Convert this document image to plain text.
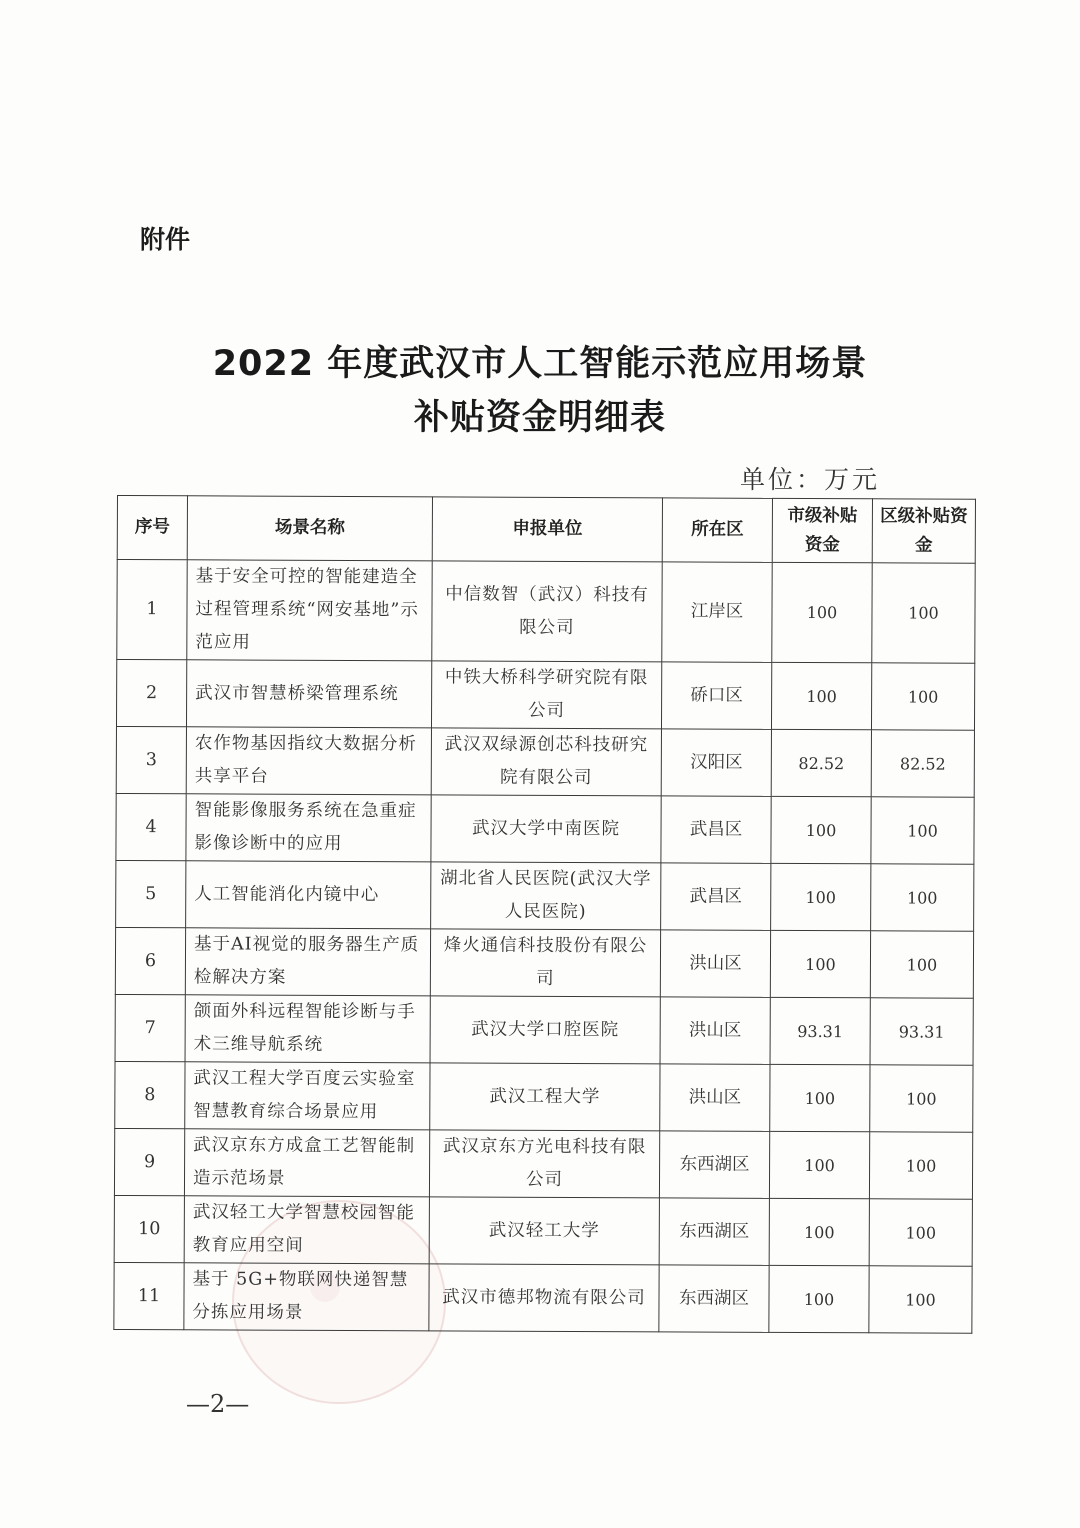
附件
2022 年度武汉市人工智能示范应用场景
补贴资金明细表
单位：万元
序号	场景名称	申报单位	所在区	市级补贴资金	区级补贴资金
1	基于安全可控的智能建造全过程管理系统“网安基地”示范应用	中信数智（武汉）科技有限公司	江岸区	100	100
2	武汉市智慧桥梁管理系统	中铁大桥科学研究院有限公司	硚口区	100	100
3	农作物基因指纹大数据分析共享平台	武汉双绿源创芯科技研究院有限公司	汉阳区	82.52	82.52
4	智能影像服务系统在急重症影像诊断中的应用	武汉大学中南医院	武昌区	100	100
5	人工智能消化内镜中心	湖北省人民医院(武汉大学人民医院)	武昌区	100	100
6	基于AI视觉的服务器生产质检解决方案	烽火通信科技股份有限公司	洪山区	100	100
7	颌面外科远程智能诊断与手术三维导航系统	武汉大学口腔医院	洪山区	93.31	93.31
8	武汉工程大学百度云实验室智慧教育综合场景应用	武汉工程大学	洪山区	100	100
9	武汉京东方成盒工艺智能制造示范场景	武汉京东方光电科技有限公司	东西湖区	100	100
10	武汉轻工大学智慧校园智能教育应用空间	武汉轻工大学	东西湖区	100	100
11	基于 5G+物联网快递智慧分拣应用场景	武汉市德邦物流有限公司	东西湖区	100	100
—2—
